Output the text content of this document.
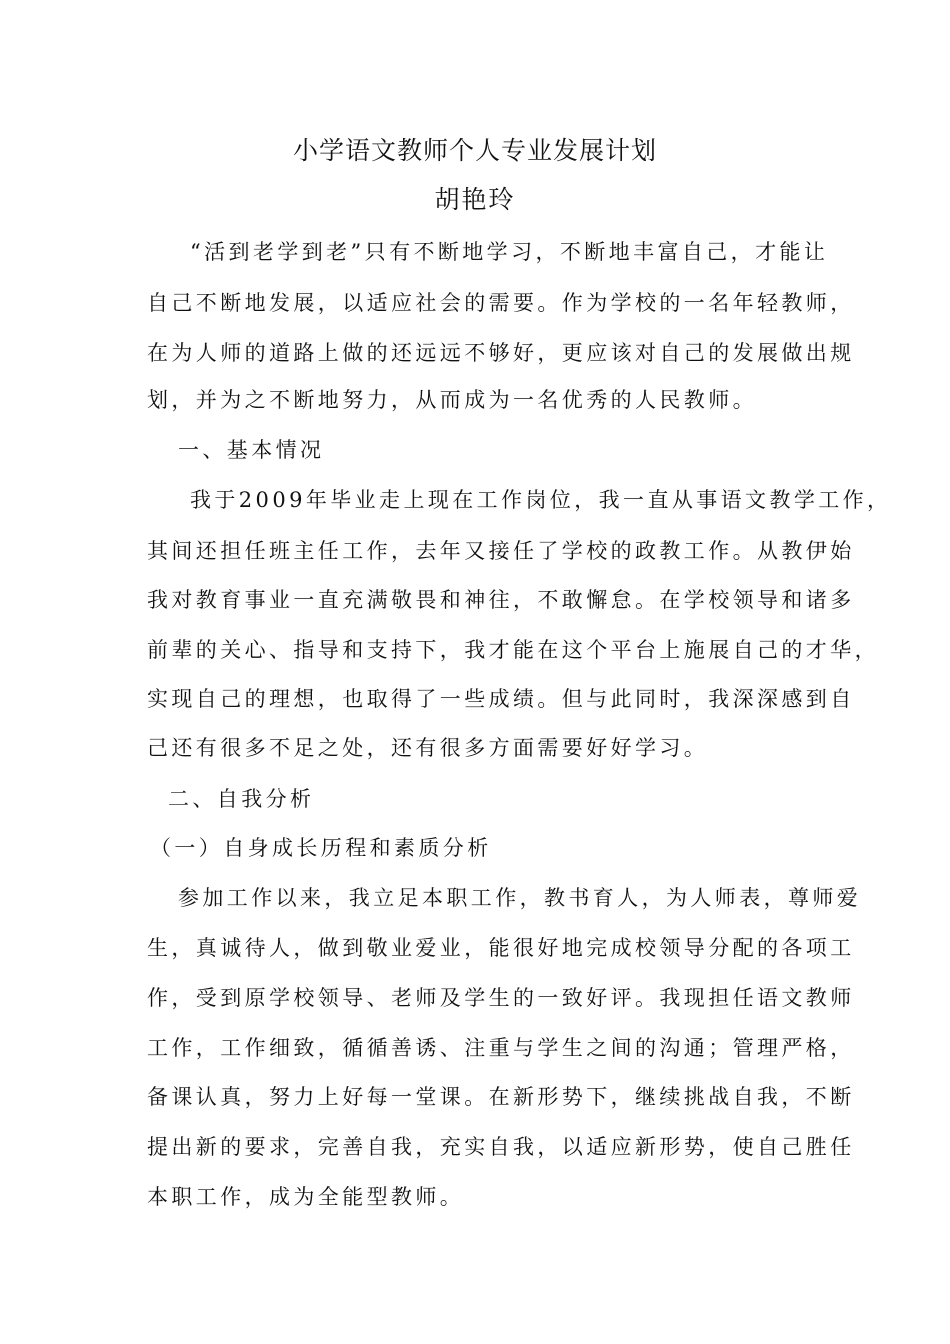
小学语文教师个人专业发展计划
胡艳玲
“活到老学到老”只有不断地学习，不断地丰富自己，才能让
自己不断地发展，以适应社会的需要。作为学校的一名年轻教师，
在为人师的道路上做的还远远不够好，更应该对自己的发展做出规
划，并为之不断地努力，从而成为一名优秀的人民教师。
一、基本情况
我于2009年毕业走上现在工作岗位，我一直从事语文教学工作，
其间还担任班主任工作，去年又接任了学校的政教工作。从教伊始
我对教育事业一直充满敬畏和神往，不敢懈怠。在学校领导和诸多
前辈的关心、指导和支持下，我才能在这个平台上施展自己的才华，
实现自己的理想，也取得了一些成绩。但与此同时，我深深感到自
己还有很多不足之处，还有很多方面需要好好学习。
二、自我分析
（一）自身成长历程和素质分析
参加工作以来，我立足本职工作，教书育人，为人师表，尊师爱
生，真诚待人，做到敬业爱业，能很好地完成校领导分配的各项工
作，受到原学校领导、老师及学生的一致好评。我现担任语文教师
工作，工作细致，循循善诱、注重与学生之间的沟通；管理严格，
备课认真，努力上好每一堂课。在新形势下，继续挑战自我，不断
提出新的要求，完善自我，充实自我，以适应新形势，使自己胜任
本职工作，成为全能型教师。
